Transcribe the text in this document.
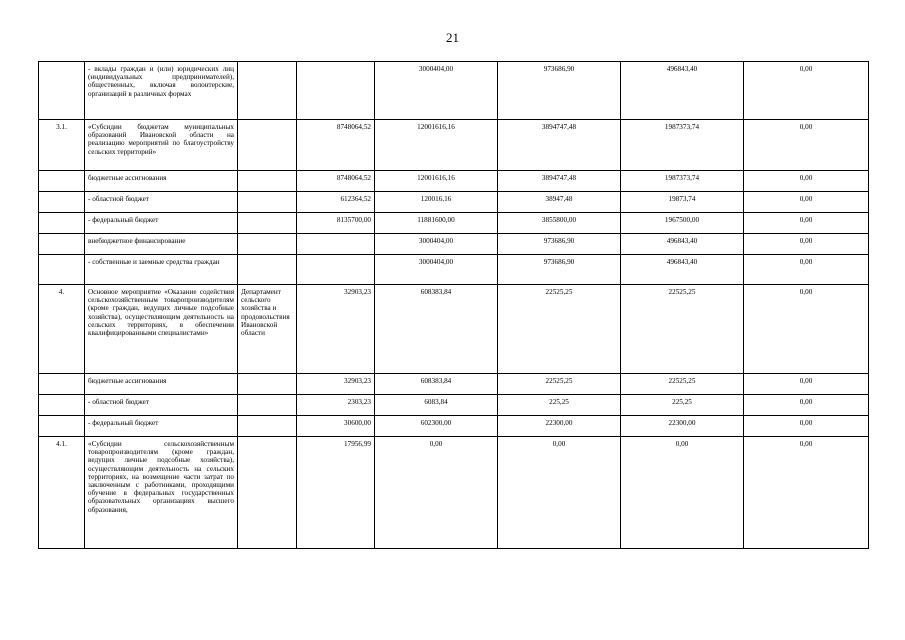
21
	- вклады граждан и (или) юридических лиц (индивидуальных предпринимателей), общественных, включая волонтерские, организаций в различных формах			3000404,00	973686,90	496843,40	0,00
3.1.	«Субсидии бюджетам муниципальных образований Ивановской области на реализацию мероприятий по благоустройству сельских территорий»		8748064,52	12001616,16	3894747,48	1987373,74	0,00
	бюджетные ассигнования		8748064,52	12001616,16	3894747,48	1987373,74	0,00
	- областной бюджет		612364,52	120016,16	38947,48	19873,74	0,00
	- федеральный бюджет		8135700,00	11881600,00	3855800,00	1967500,00	0,00
	внебюджетное финансирование			3000404,00	973686,90	496843,40	0,00
	- собственные и заемные средства граждан			3000404,00	973686,90	496843,40	0,00
4.	Основное мероприятие «Оказание содействия сельскохозяйственным товаропроизводителям (кроме граждан, ведущих личные подсобные хозяйства), осуществляющим деятельность на сельских территориях, в обеспечении квалифицированными специалистами»	Департамент сельского хозяйства и продовольствия Ивановской области	32903,23	608383,84	22525,25	22525,25	0,00
	бюджетные ассигнования		32903,23	608383,84	22525,25	22525,25	0,00
	- областной бюджет		2303,23	6083,84	225,25	225,25	0,00
	- федеральный бюджет		30600,00	602300,00	22300,00	22300,00	0,00
4.1.	«Субсидии сельскохозяйственным товаропроизводителям (кроме граждан, ведущих личные подсобные хозяйства), осуществляющим деятельность на сельских территориях, на возмещение части затрат по заключенным с работниками, проходящими обучение в федеральных государственных образовательных организациях высшего образования,		17956,99	0,00	0,00	0,00	0,00
